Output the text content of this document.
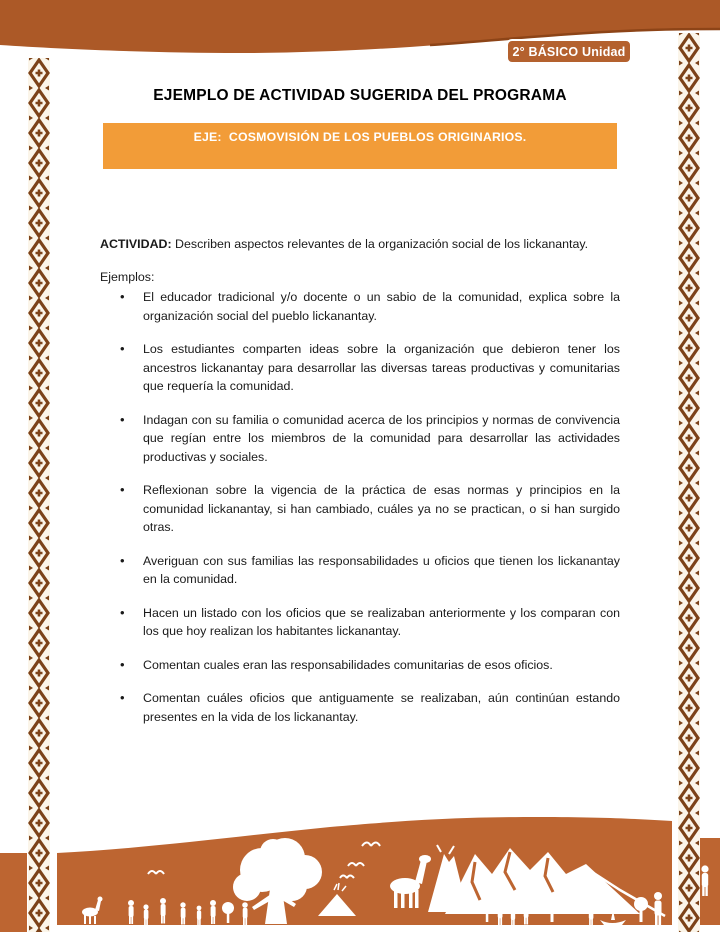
2° BÁSICO Unidad 2
EJEMPLO DE ACTIVIDAD SUGERIDA DEL PROGRAMA
EJE:  COSMOVISIÓN DE LOS PUEBLOS ORIGINARIOS.

ACTIVIDAD: Describen aspectos relevantes de la organización social de los lickanantay.

Ejemplos:

• El educador tradicional y/o docente o un sabio de la comunidad, explica sobre la organización social del pueblo lickanantay.
• Los estudiantes comparten ideas sobre la organización que debieron tener los ancestros lickanantay para desarrollar las diversas tareas productivas y comunitarias que requería la comunidad.
• Indagan con su familia o comunidad acerca de los principios y normas de convivencia que regían entre los miembros de la comunidad para desarrollar las actividades productivas y sociales.
• Reflexionan sobre la vigencia de la práctica de esas normas y principios en la comunidad lickanantay, si han cambiado, cuáles ya no se practican, o si han surgido otras.
• Averiguan con sus familias las responsabilidades u oficios que tienen los lickanantay en la comunidad.
• Hacen un listado con los oficios que se realizaban anteriormente y los comparan con los que hoy realizan los habitantes lickanantay.
• Comentan cuales eran las responsabilidades comunitarias de esos oficios.
• Comentan cuáles oficios que antiguamente se realizaban, aún continúan estando presentes en la vida de los lickanantay.
